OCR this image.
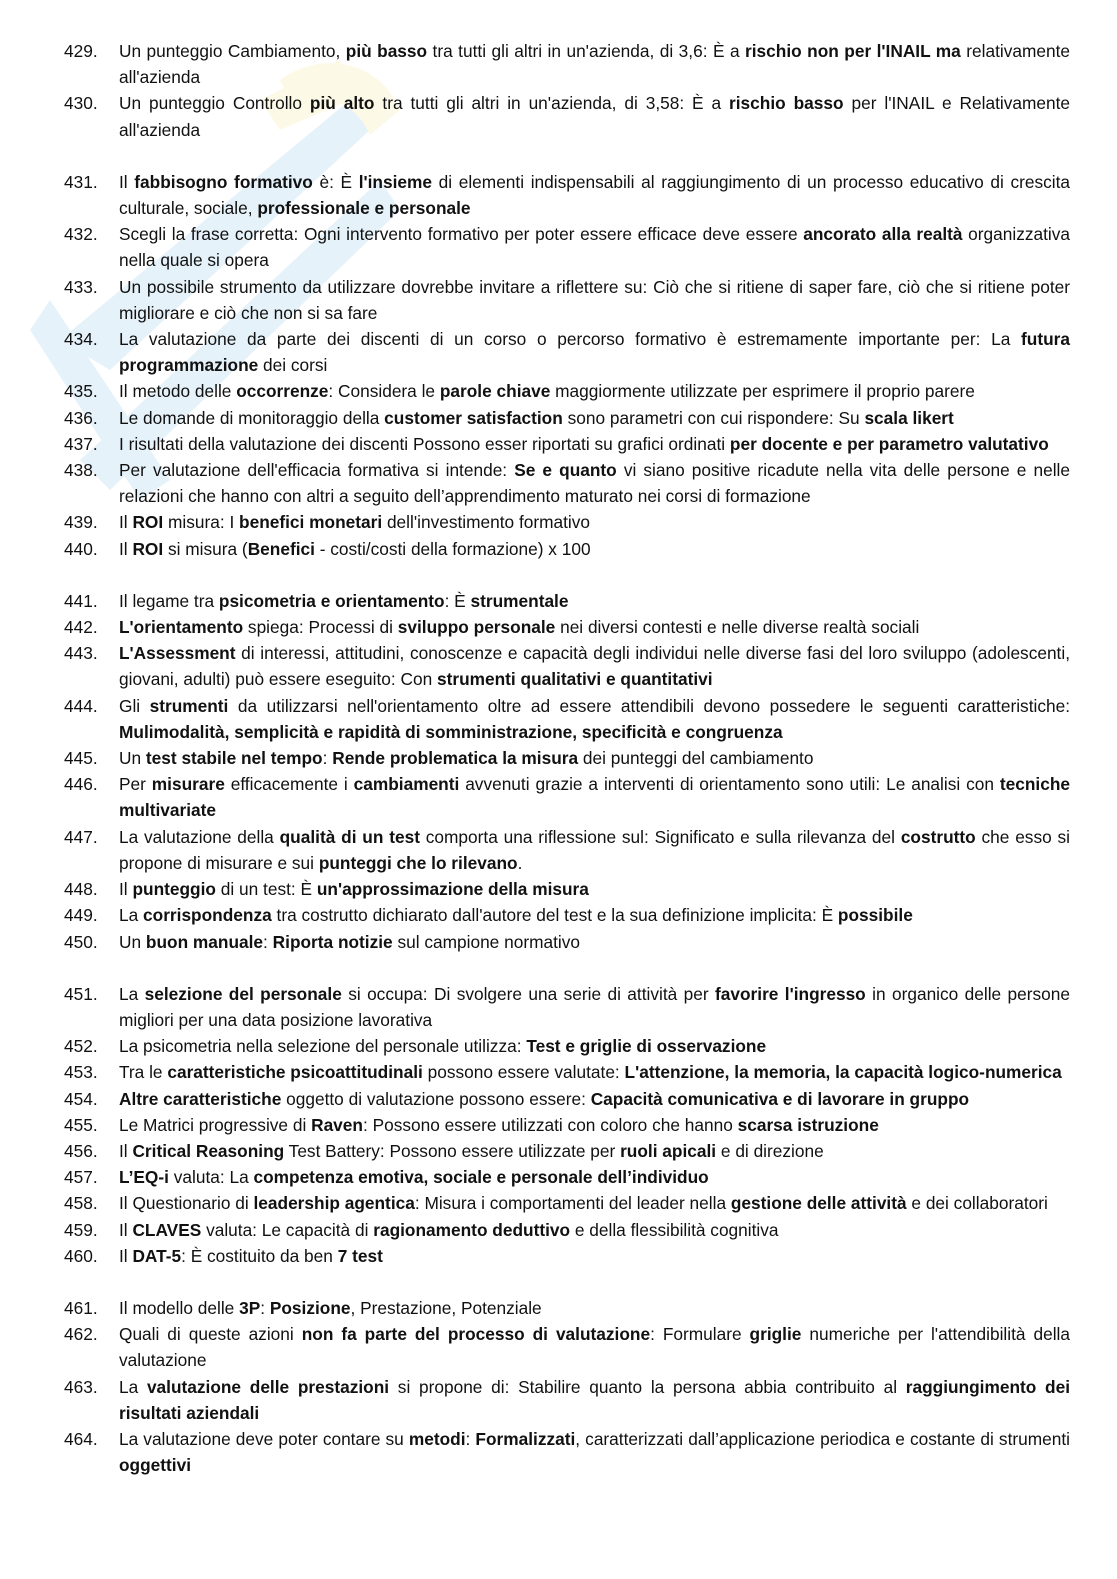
429.	Un punteggio Cambiamento, più basso tra tutti gli altri in un'azienda, di 3,6: È a rischio non per l'INAIL ma relativamente all'azienda
430.	Un punteggio Controllo più alto tra tutti gli altri in un'azienda, di 3,58: È a rischio basso per l'INAIL e Relativamente all'azienda
431.	Il fabbisogno formativo è: È l'insieme di elementi indispensabili al raggiungimento di un processo educativo di crescita culturale, sociale, professionale e personale
432.	Scegli la frase corretta: Ogni intervento formativo per poter essere efficace deve essere ancorato alla realtà organizzativa nella quale si opera
433.	Un possibile strumento da utilizzare dovrebbe invitare a riflettere su: Ciò che si ritiene di saper fare, ciò che si ritiene poter migliorare e ciò che non si sa fare
434.	La valutazione da parte dei discenti di un corso o percorso formativo è estremamente importante per: La futura programmazione dei corsi
435.	Il metodo delle occorrenze: Considera le parole chiave maggiormente utilizzate per esprimere il proprio parere
436.	Le domande di monitoraggio della customer satisfaction sono parametri con cui rispondere: Su scala likert
437.	I risultati della valutazione dei discenti Possono esser riportati su grafici ordinati per docente e per parametro valutativo
438.	Per valutazione dell'efficacia formativa si intende: Se e quanto vi siano positive ricadute nella vita delle persone e nelle relazioni che hanno con altri a seguito dell’apprendimento maturato nei corsi di formazione
439.	Il ROI misura: I benefici monetari dell'investimento formativo
440.	Il ROI si misura (Benefici - costi/costi della formazione) x 100
441.	Il legame tra psicometria e orientamento: È strumentale
442.	L'orientamento spiega: Processi di sviluppo personale nei diversi contesti e nelle diverse realtà sociali
443.	L'Assessment di interessi, attitudini, conoscenze e capacità degli individui nelle diverse fasi del loro sviluppo (adolescenti, giovani, adulti) può essere eseguito: Con strumenti qualitativi e quantitativi
444.	Gli strumenti da utilizzarsi nell'orientamento oltre ad essere attendibili devono possedere le seguenti caratteristiche: Mulimodalità, semplicità e rapidità di somministrazione, specificità e congruenza
445.	Un test stabile nel tempo: Rende problematica la misura dei punteggi del cambiamento
446.	Per misurare efficacemente i cambiamenti avvenuti grazie a interventi di orientamento sono utili: Le analisi con tecniche multivariate
447.	La valutazione della qualità di un test comporta una riflessione sul: Significato e sulla rilevanza del costrutto che esso si propone di misurare e sui punteggi che lo rilevano.
448.	Il punteggio di un test: È un'approssimazione della misura
449.	La corrispondenza tra costrutto dichiarato dall'autore del test e la sua definizione implicita: È possibile
450.	Un buon manuale: Riporta notizie sul campione normativo
451.	La selezione del personale si occupa: Di svolgere una serie di attività per favorire l'ingresso in organico delle persone migliori per una data posizione lavorativa
452.	La psicometria nella selezione del personale utilizza: Test e griglie di osservazione
453.	Tra le caratteristiche psicoattitudinali possono essere valutate: L'attenzione, la memoria, la capacità logico-numerica
454.	Altre caratteristiche oggetto di valutazione possono essere: Capacità comunicativa e di lavorare in gruppo
455.	Le Matrici progressive di Raven: Possono essere utilizzati con coloro che hanno scarsa istruzione
456.	Il Critical Reasoning Test Battery: Possono essere utilizzate per ruoli apicali e di direzione
457.	L’EQ-i valuta: La competenza emotiva, sociale e personale dell’individuo
458.	Il Questionario di leadership agentica: Misura i comportamenti del leader nella gestione delle attività e dei collaboratori
459.	Il CLAVES valuta: Le capacità di ragionamento deduttivo e della flessibilità cognitiva
460.	Il DAT-5: È costituito da ben 7 test
461.	Il modello delle 3P: Posizione, Prestazione, Potenziale
462.	Quali di queste azioni non fa parte del processo di valutazione: Formulare griglie numeriche per l'attendibilità della valutazione
463.	La valutazione delle prestazioni si propone di: Stabilire quanto la persona abbia contribuito al raggiungimento dei risultati aziendali
464.	La valutazione deve poter contare su metodi: Formalizzati, caratterizzati dall’applicazione periodica e costante di strumenti oggettivi
